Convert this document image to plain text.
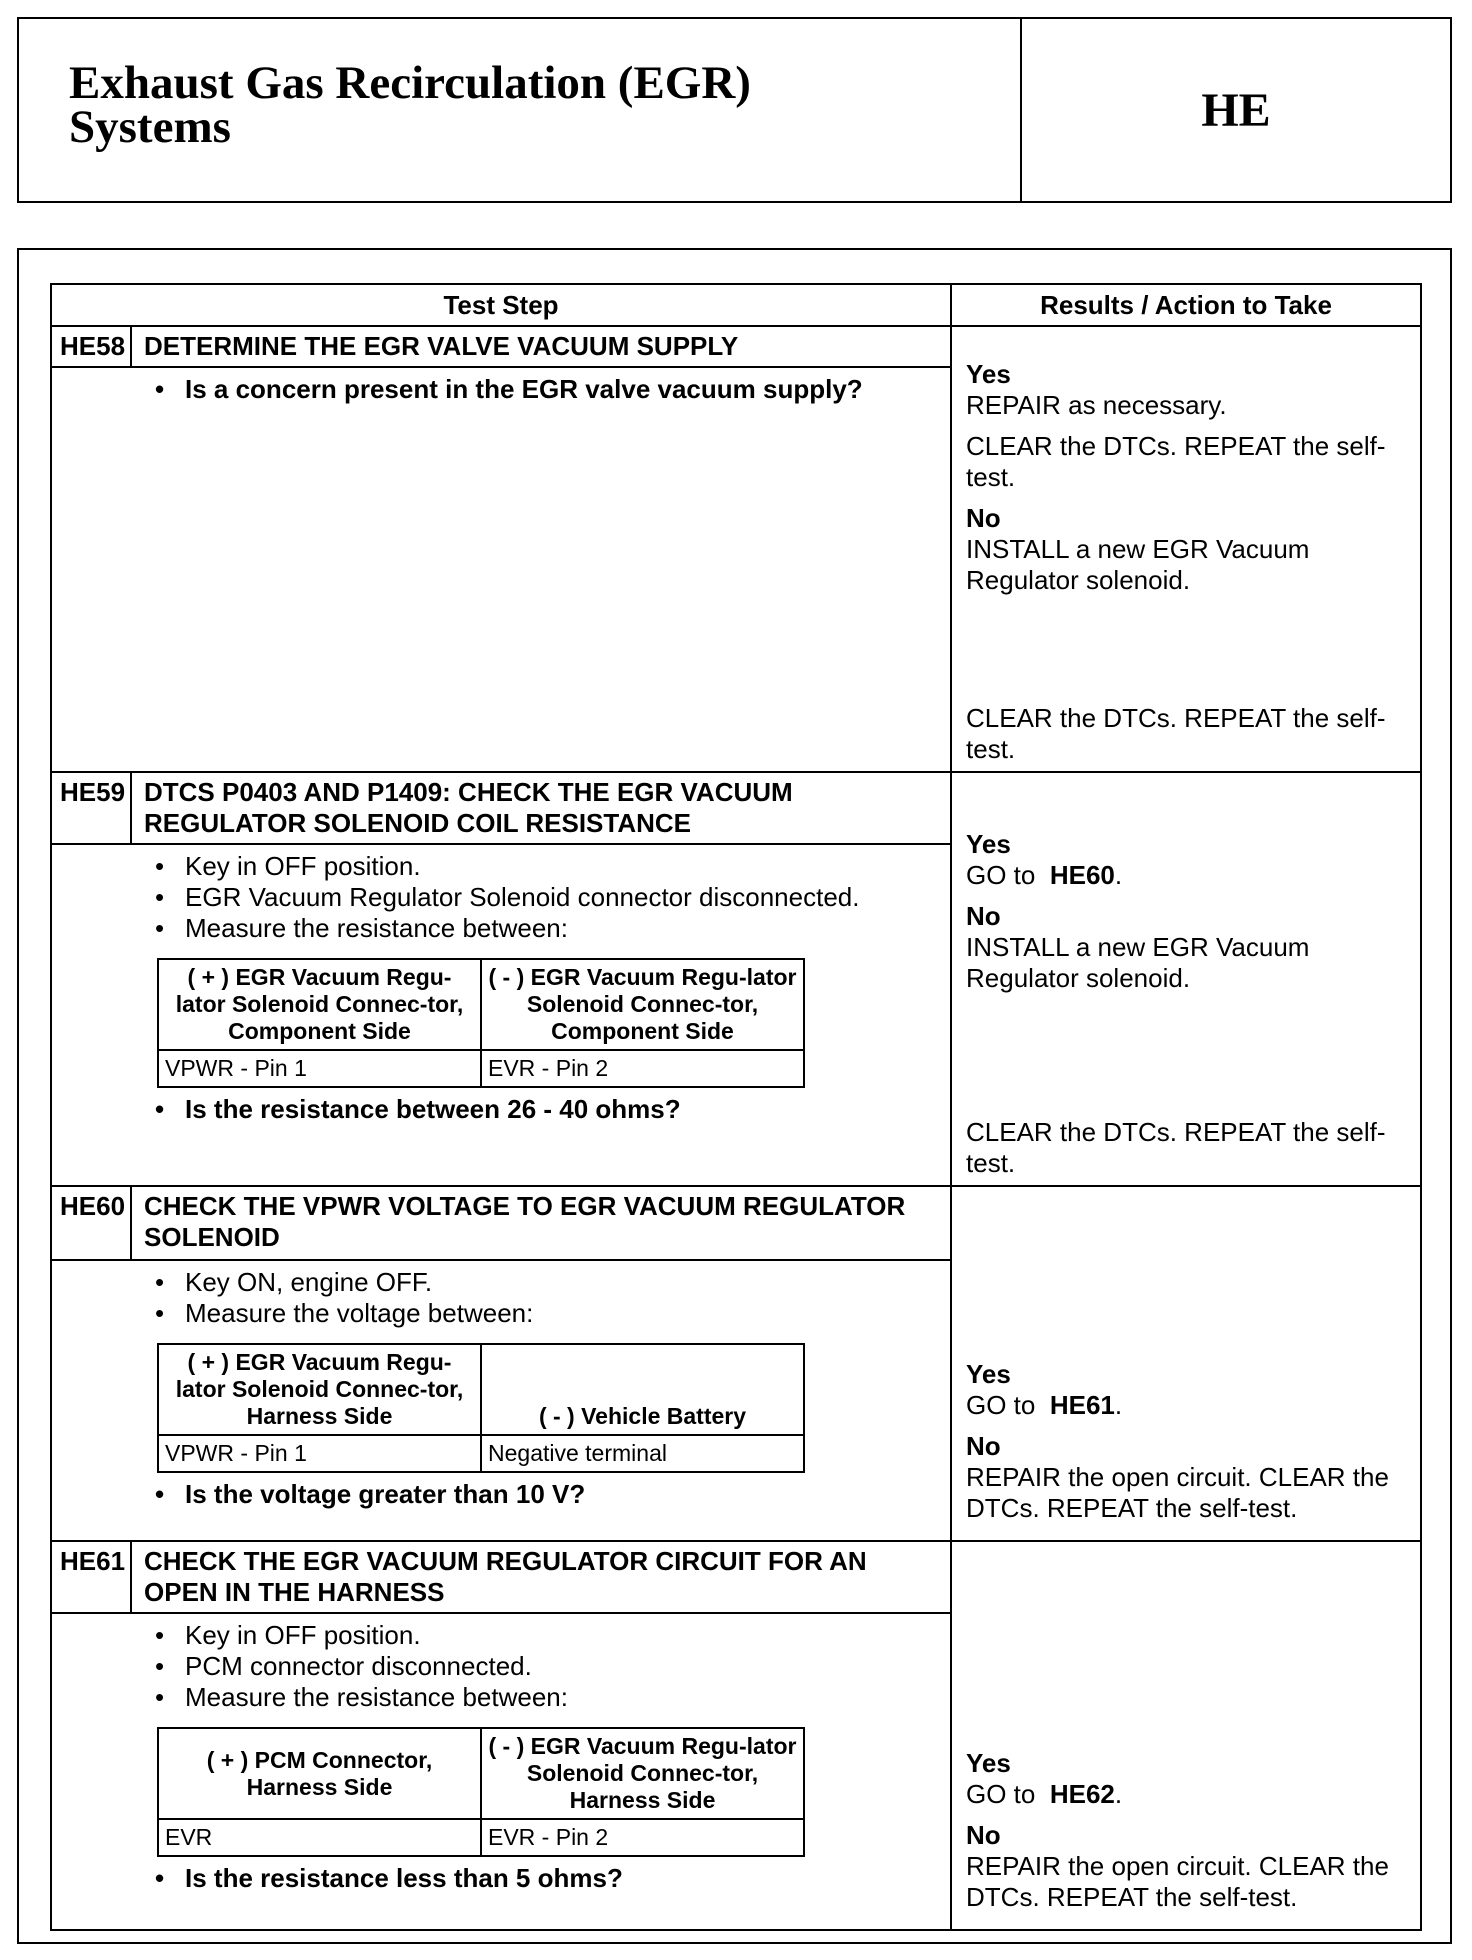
Exhaust Gas Recirculation (EGR)
Systems	HE
Test Step	Results / Action to Take
HE58	DETERMINE THE EGR VALVE VACUUM SUPPLY	
Yes
REPAIR as necessary.
CLEAR the DTCs. REPEAT the self-test.
No
INSTALL a new EGR Vacuum Regulator solenoid.
CLEAR the DTCs. REPEAT the self-test.

• Is a concern present in the EGR valve vacuum supply?

HE59	DTCS P0403 AND P1409: CHECK THE EGR VACUUM REGULATOR SOLENOID COIL RESISTANCE	
Yes
GO to HE60.
No
INSTALL a new EGR Vacuum Regulator solenoid.
CLEAR the DTCs. REPEAT the self-test.

• Key in OFF position.
• EGR Vacuum Regulator Solenoid connector disconnected.
• Measure the resistance between:
( + ) EGR Vacuum Regu-lator Solenoid Connec-tor, Component Side	( - ) EGR Vacuum Regu-lator Solenoid Connec-tor, Component Side
VPWR - Pin 1	EVR - Pin 2
• Is the resistance between 26 - 40 ohms?

HE60	CHECK THE VPWR VOLTAGE TO EGR VACUUM REGULATOR SOLENOID	
Yes
GO to HE61.
No
REPAIR the open circuit. CLEAR the DTCs. REPEAT the self-test.

• Key ON, engine OFF.
• Measure the voltage between:
( + ) EGR Vacuum Regu-lator Solenoid Connec-tor, Harness Side	( - ) Vehicle Battery
VPWR - Pin 1	Negative terminal
• Is the voltage greater than 10 V?

HE61	CHECK THE EGR VACUUM REGULATOR CIRCUIT FOR AN OPEN IN THE HARNESS	
Yes
GO to HE62.
No
REPAIR the open circuit. CLEAR the DTCs. REPEAT the self-test.

• Key in OFF position.
• PCM connector disconnected.
• Measure the resistance between:
( + ) PCM Connector, Harness Side	( - ) EGR Vacuum Regu-lator Solenoid Connec-tor, Harness Side
EVR	EVR - Pin 2
• Is the resistance less than 5 ohms?
